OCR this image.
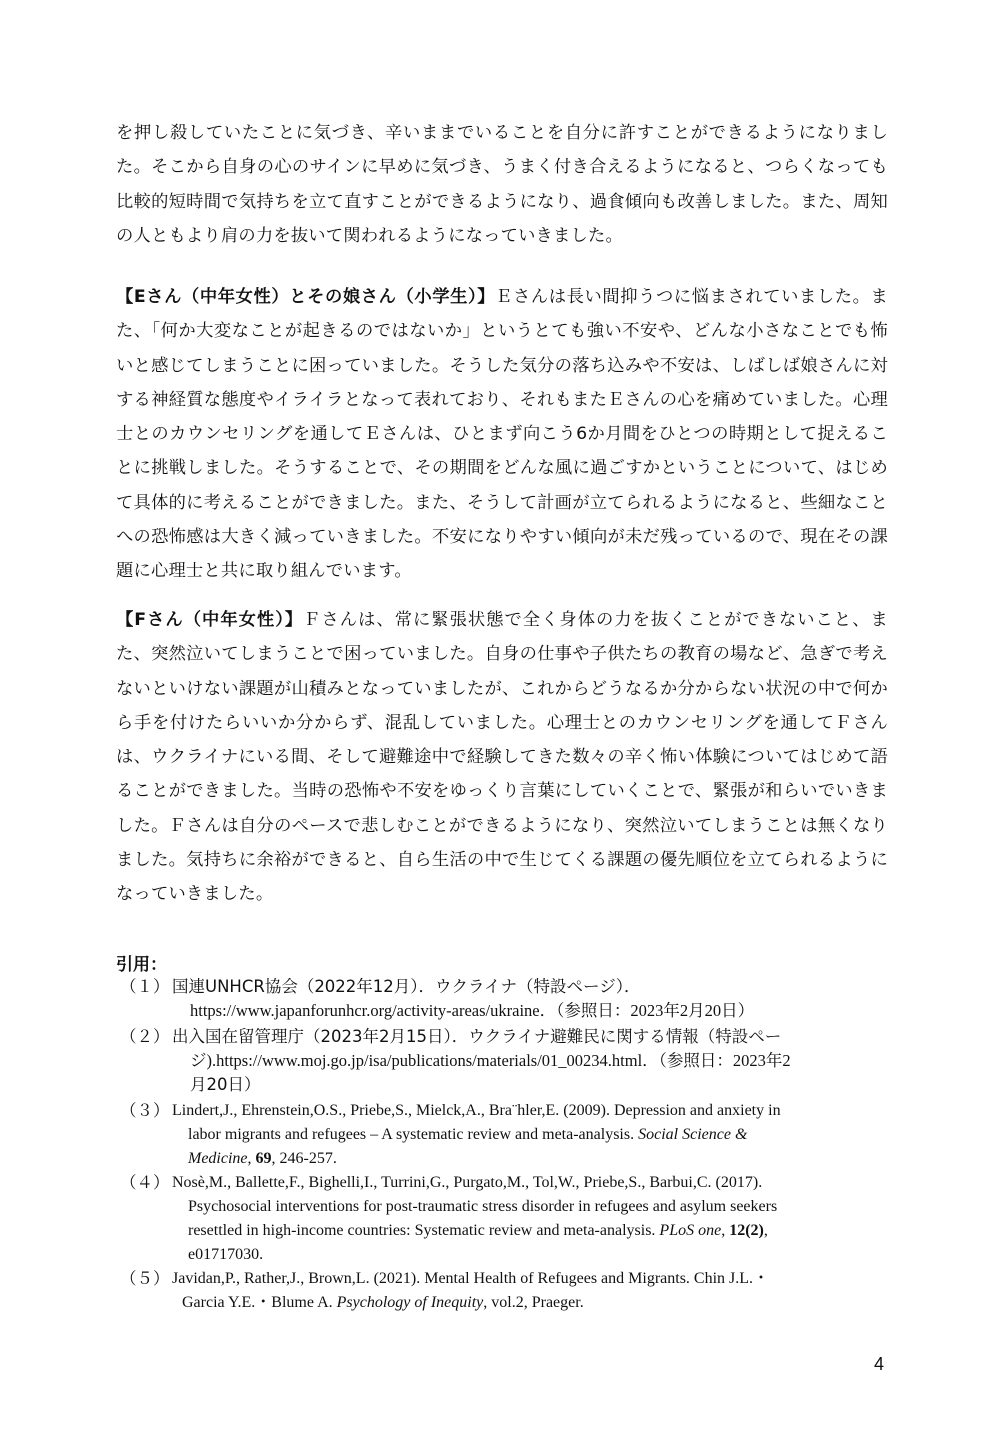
を押し殺していたことに気づき、辛いままでいることを自分に許すことができるようになりました。そこから自身の心のサインに早めに気づき、うまく付き合えるようになると、つらくなっても比較的短時間で気持ちを立て直すことができるようになり、過食傾向も改善しました。また、周知の人ともより肩の力を抜いて関われるようになっていきました。

【Eさん（中年女性）とその娘さん（小学生）】Ｅさんは長い間抑うつに悩まされていました。また、「何か大変なことが起きるのではないか」というとても強い不安や、どんな小さなことでも怖いと感じてしまうことに困っていました。そうした気分の落ち込みや不安は、しばしば娘さんに対する神経質な態度やイライラとなって表れており、それもまたＥさんの心を痛めていました。心理士とのカウンセリングを通してＥさんは、ひとまず向こう6か月間をひとつの時期として捉えることに挑戦しました。そうすることで、その期間をどんな風に過ごすかということについて、はじめて具体的に考えることができました。また、そうして計画が立てられるようになると、些細なことへの恐怖感は大きく減っていきました。不安になりやすい傾向が未だ残っているので、現在その課題に心理士と共に取り組んでいます。

【Fさん（中年女性）】Ｆさんは、常に緊張状態で全く身体の力を抜くことができないこと、また、突然泣いてしまうことで困っていました。自身の仕事や子供たちの教育の場など、急ぎで考えないといけない課題が山積みとなっていましたが、これからどうなるか分からない状況の中で何から手を付けたらいいか分からず、混乱していました。心理士とのカウンセリングを通してＦさんは、ウクライナにいる間、そして避難途中で経験してきた数々の辛く怖い体験についてはじめて語ることができました。当時の恐怖や不安をゆっくり言葉にしていくことで、緊張が和らいでいきました。Ｆさんは自分のペースで悲しむことができるようになり、突然泣いてしまうことは無くなりました。気持ちに余裕ができると、自ら生活の中で生じてくる課題の優先順位を立てられるようになっていきました。

引用：

（１） 国連UNHCR協会（2022年12月）．ウクライナ（特設ページ）．
https://www.japanforunhcr.org/activity-areas/ukraine．（参照日：2023年2月20日）
（２） 出入国在留管理庁（2023年2月15日）．ウクライナ避難民に関する情報（特設ペー
ジ).https://www.moj.go.jp/isa/publications/materials/01_00234.html．（参照日：2023年2
月20日）
（３） Lindert,J., Ehrenstein,O.S., Priebe,S., Mielck,A., Bra¨hler,E. (2009). Depression and anxiety in
labor migrants and refugees – A systematic review and meta-analysis. Social Science &
Medicine, 69, 246-257.
（４） Nosè,M., Ballette,F., Bighelli,I., Turrini,G., Purgato,M., Tol,W., Priebe,S., Barbui,C. (2017).
Psychosocial interventions for post-traumatic stress disorder in refugees and asylum seekers
resettled in high-income countries: Systematic review and meta-analysis. PLoS one, 12(2),
e01717030.
（５） Javidan,P., Rather,J., Brown,L. (2021). Mental Health of Refugees and Migrants. Chin J.L.・
Garcia Y.E.・Blume A. Psychology of Inequity, vol.2, Praeger.
4
